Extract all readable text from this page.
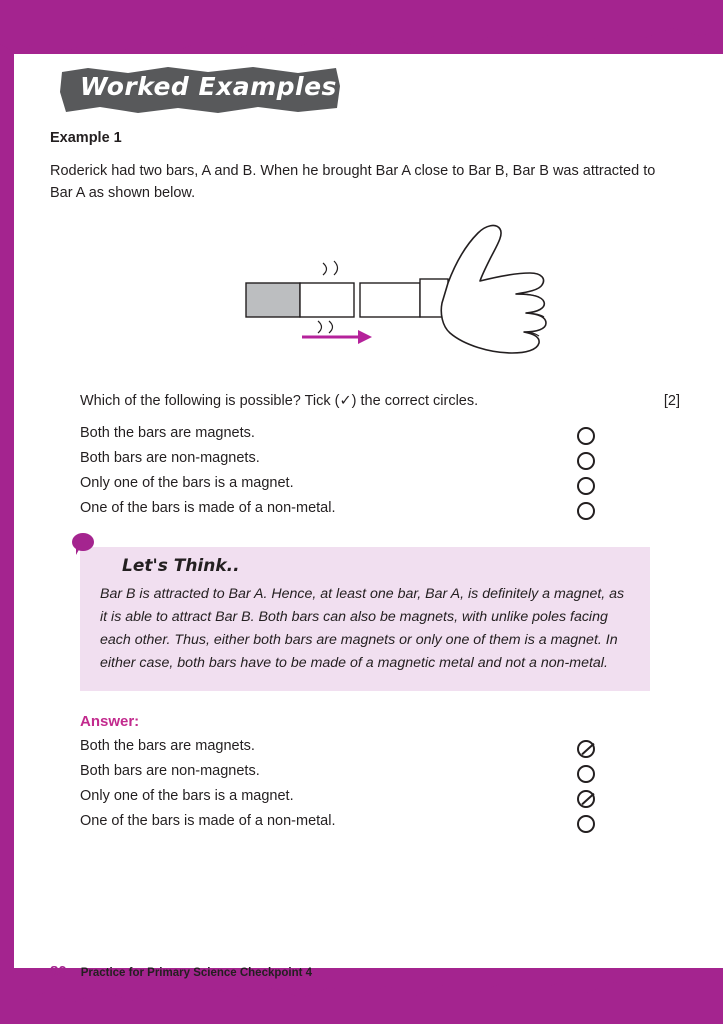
Worked Examples
Example 1
Roderick had two bars, A and B. When he brought Bar A close to Bar B, Bar B was attracted to Bar A as shown below.
Which of the following is possible? Tick (✓) the correct circles.	[2]
Both the bars are magnets.
Both bars are non-magnets.
Only one of the bars is a magnet.
One of the bars is made of a non-metal.
Let's Think..
Bar B is attracted to Bar A. Hence, at least one bar, Bar A, is definitely a magnet, as it is able to attract Bar B. Both bars can also be magnets, with unlike poles facing each other. Thus, either both bars are magnets or only one of them is a magnet. In either case, both bars have to be made of a magnetic metal and not a non-metal.
Answer:
Both the bars are magnets.
Both bars are non-magnets.
Only one of the bars is a magnet.
One of the bars is made of a non-metal.
80 Practice for Primary Science Checkpoint 4
